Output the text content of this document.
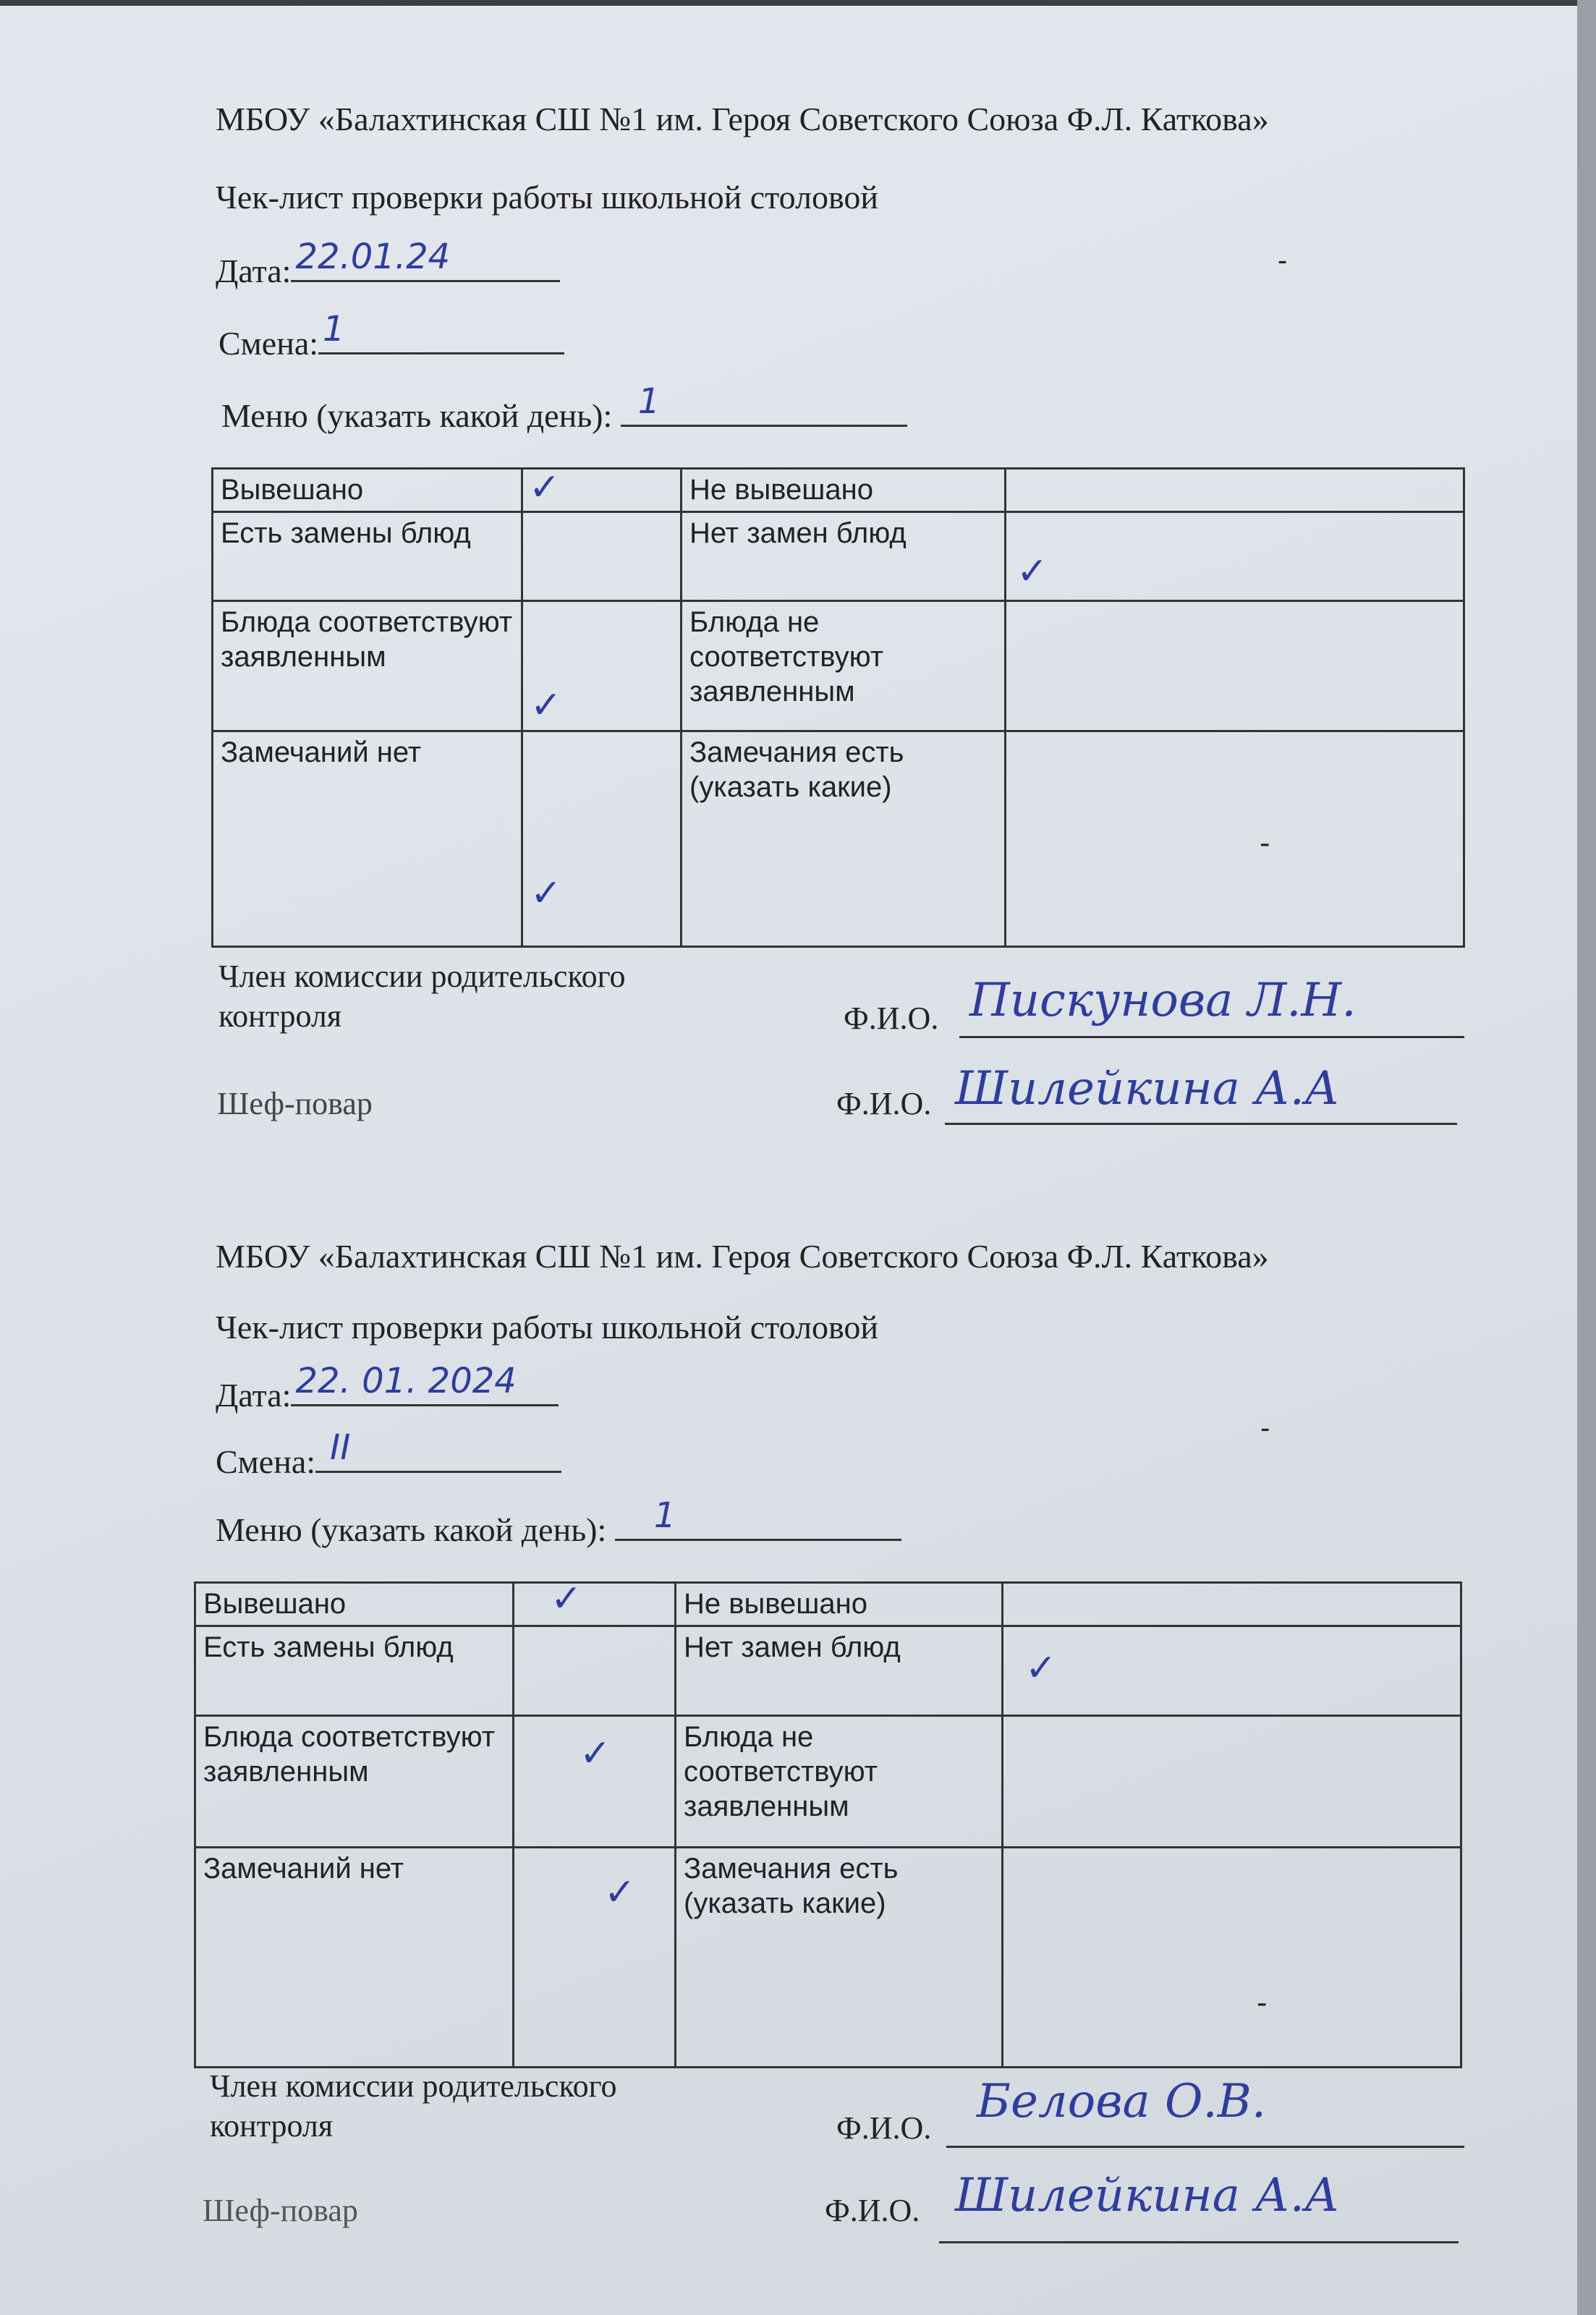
МБОУ «Балахтинская СШ №1 им. Героя Советского Союза Ф.Л. Каткова»
Чек-лист проверки работы школьной столовой
Дата: 22.01.24	-
Смена: 1
Меню (указать какой день): 1
Вывешано	✓	Не вывешано	

Есть замены блюд		Нет замен блюд	✓

Блюда соответствуют заявленным	✓	Блюда не соответствуют заявленным	

Замечаний нет	✓	Замечания есть (указать какие)	-
Член комиссии родительского контроля	Ф.И.О. Пискунова Л.Н.
Шеф-повар	Ф.И.О. Шилейкина А.А
МБОУ «Балахтинская СШ №1 им. Героя Советского Союза Ф.Л. Каткова»
Чек-лист проверки работы школьной столовой
Дата: 22. 01. 2024
-
Смена: II
Меню (указать какой день): 1
Вывешано	✓	Не вывешано	

Есть замены блюд		Нет замен блюд	✓

Блюда соответствуют заявленным	✓	Блюда не соответствуют заявленным	

Замечаний нет	✓	Замечания есть (указать какие)	-
Член комиссии родительского контроля	Ф.И.О. Белова О.В.
Шеф-повар	Ф.И.О. Шилейкина А.А
